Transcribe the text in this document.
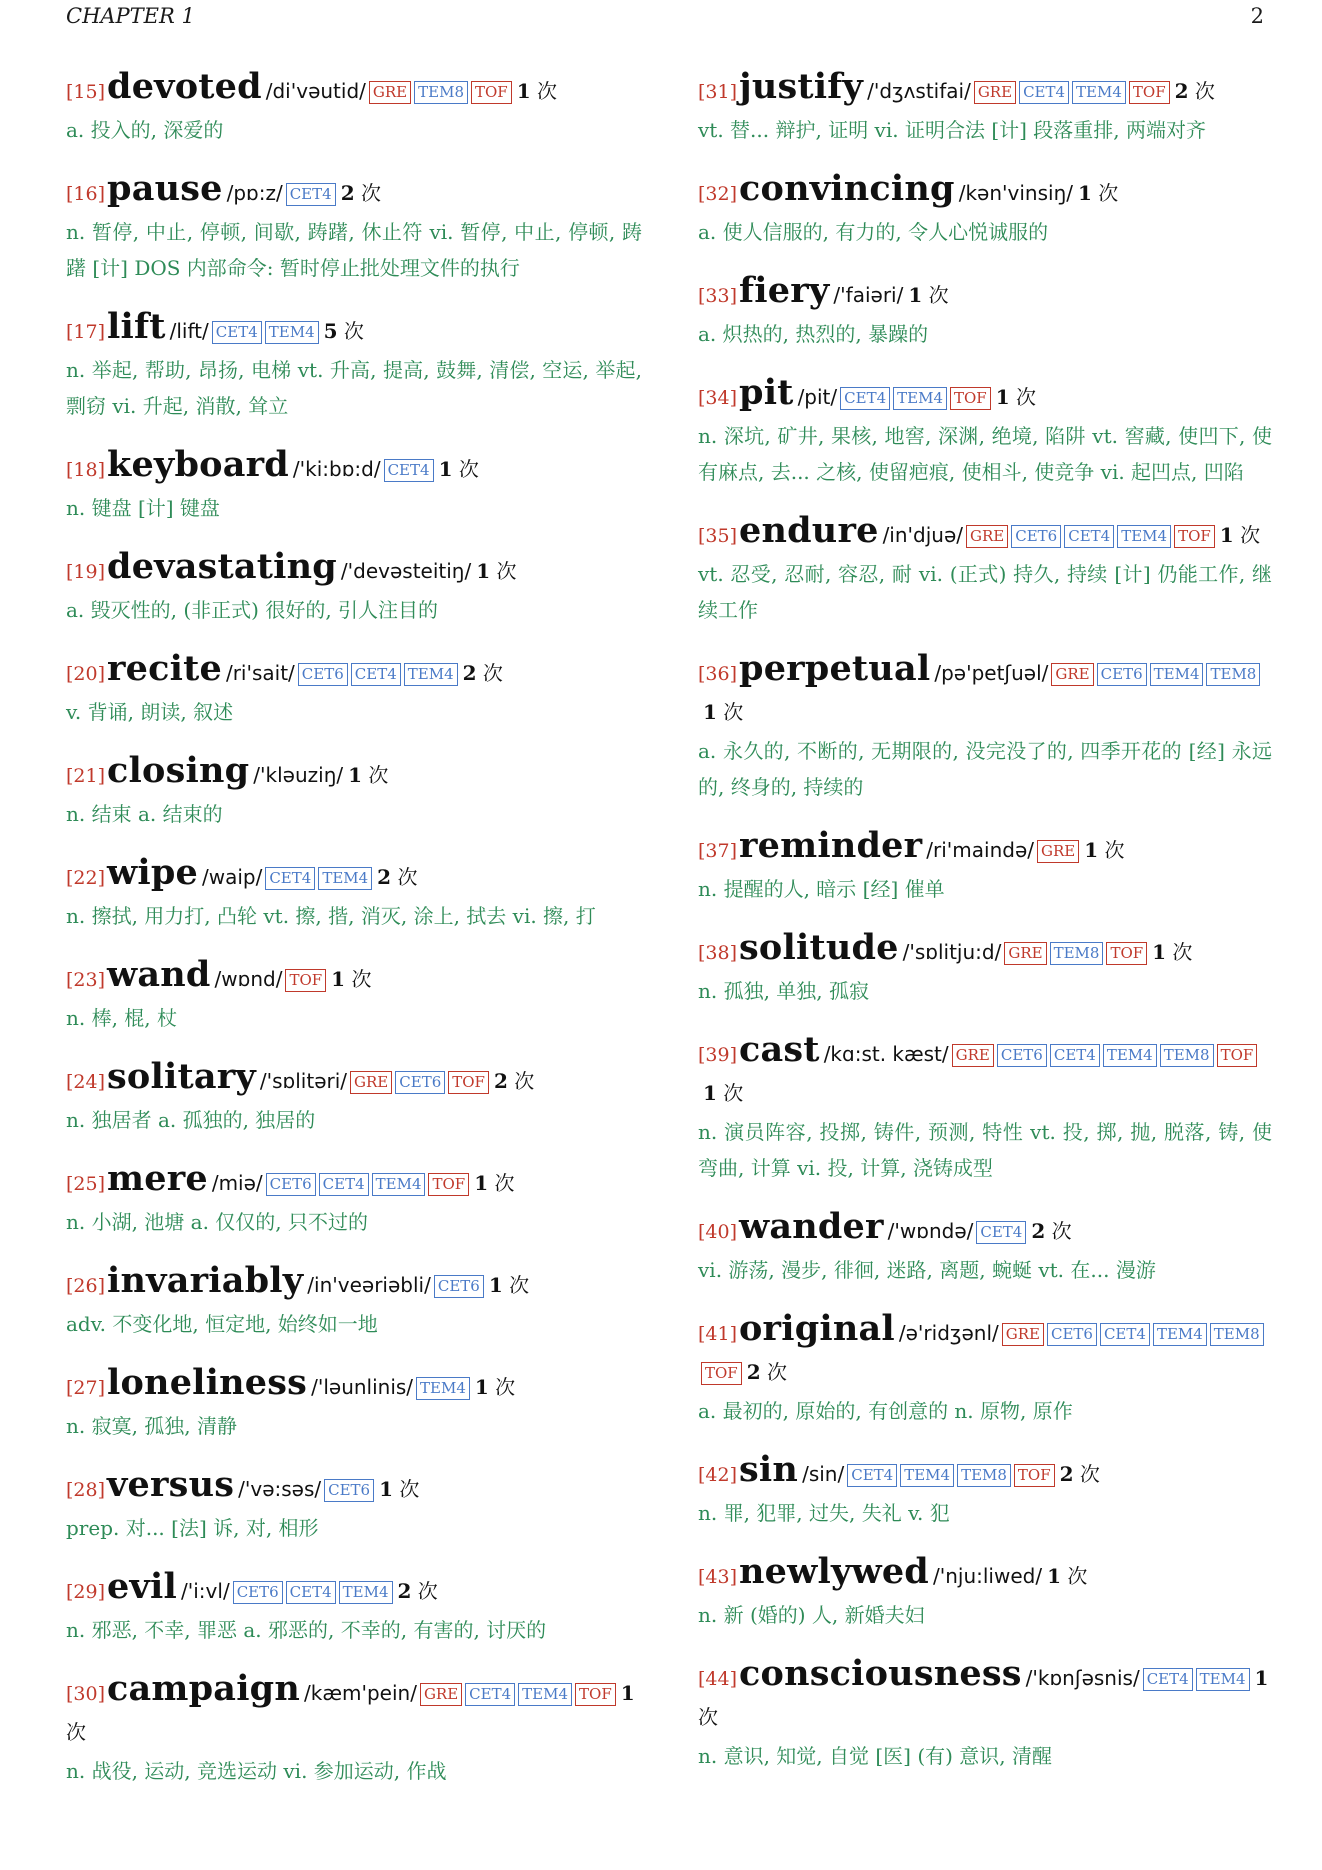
CHAPTER 1	2
[15]devoted /di'vəutid/ GRE TEM8 TOF 1 次
a. 投入的, 深爱的
[16]pause /pɒ:z/ CET4 2 次
n. 暂停, 中止, 停顿, 间歇, 踌躇, 休止符 vi. 暂停, 中止, 停顿, 踌躇 [计] DOS 内部命令: 暂时停止批处理文件的执行
[17]lift /lift/ CET4 TEM4 5 次
n. 举起, 帮助, 昂扬, 电梯 vt. 升高, 提高, 鼓舞, 清偿, 空运, 举起, 剽窃 vi. 升起, 消散, 耸立
[18]keyboard /'ki:bɒ:d/ CET4 1 次
n. 键盘 [计] 键盘
[19]devastating /'devəsteitiŋ/ 1 次
a. 毁灭性的, (非正式) 很好的, 引人注目的
[20]recite /ri'sait/ CET6 CET4 TEM4 2 次
v. 背诵, 朗读, 叙述
[21]closing /'kləuziŋ/ 1 次
n. 结束 a. 结束的
[22]wipe /waip/ CET4 TEM4 2 次
n. 擦拭, 用力打, 凸轮 vt. 擦, 揩, 消灭, 涂上, 拭去 vi. 擦, 打
[23]wand /wɒnd/ TOF 1 次
n. 棒, 棍, 杖
[24]solitary /'sɒlitəri/ GRE CET6 TOF 2 次
n. 独居者 a. 孤独的, 独居的
[25]mere /miə/ CET6 CET4 TEM4 TOF 1 次
n. 小湖, 池塘 a. 仅仅的, 只不过的
[26]invariably /in'veəriəbli/ CET6 1 次
adv. 不变化地, 恒定地, 始终如一地
[27]loneliness /'ləunlinis/ TEM4 1 次
n. 寂寞, 孤独, 清静
[28]versus /'və:səs/ CET6 1 次
prep. 对... [法] 诉, 对, 相形
[29]evil /'i:vl/ CET6 CET4 TEM4 2 次
n. 邪恶, 不幸, 罪恶 a. 邪恶的, 不幸的, 有害的, 讨厌的
[30]campaign /kæm'pein/ GRE CET4 TEM4 TOF 1 次
n. 战役, 运动, 竞选运动 vi. 参加运动, 作战
[31]justify /'dʒʌstifai/ GRE CET4 TEM4 TOF 2 次
vt. 替... 辩护, 证明 vi. 证明合法 [计] 段落重排, 两端对齐
[32]convincing /kən'vinsiŋ/ 1 次
a. 使人信服的, 有力的, 令人心悦诚服的
[33]fiery /'faiəri/ 1 次
a. 炽热的, 热烈的, 暴躁的
[34]pit /pit/ CET4 TEM4 TOF 1 次
n. 深坑, 矿井, 果核, 地窖, 深渊, 绝境, 陷阱 vt. 窖藏, 使凹下, 使有麻点, 去... 之核, 使留疤痕, 使相斗, 使竞争 vi. 起凹点, 凹陷
[35]endure /in'djuə/ GRE CET6 CET4 TEM4 TOF 1 次
vt. 忍受, 忍耐, 容忍, 耐 vi. (正式) 持久, 持续 [计] 仍能工作, 继续工作
[36]perpetual /pə'petʃuəl/ GRE CET6 TEM4 TEM81 次
a. 永久的, 不断的, 无期限的, 没完没了的, 四季开花的 [经] 永远的, 终身的, 持续的
[37]reminder /ri'maində/ GRE 1 次
n. 提醒的人, 暗示 [经] 催单
[38]solitude /'sɒlitju:d/ GRE TEM8 TOF 1 次
n. 孤独, 单独, 孤寂
[39]cast /kɑ:st. kæst/ GRE CET6 CET4 TEM4 TEM8 TOF1 次
n. 演员阵容, 投掷, 铸件, 预测, 特性 vt. 投, 掷, 抛, 脱落, 铸, 使弯曲, 计算 vi. 投, 计算, 浇铸成型
[40]wander /'wɒndə/ CET4 2 次
vi. 游荡, 漫步, 徘徊, 迷路, 离题, 蜿蜒 vt. 在... 漫游
[41]original /ə'ridʒənl/ GRE CET6 CET4 TEM4 TEM8TOF 2 次
a. 最初的, 原始的, 有创意的 n. 原物, 原作
[42]sin /sin/ CET4 TEM4 TEM8 TOF 2 次
n. 罪, 犯罪, 过失, 失礼 v. 犯
[43]newlywed /'nju:liwed/ 1 次
n. 新 (婚的) 人, 新婚夫妇
[44]consciousness /'kɒnʃəsnis/ CET4 TEM4 1 次
n. 意识, 知觉, 自觉 [医] (有) 意识, 清醒
